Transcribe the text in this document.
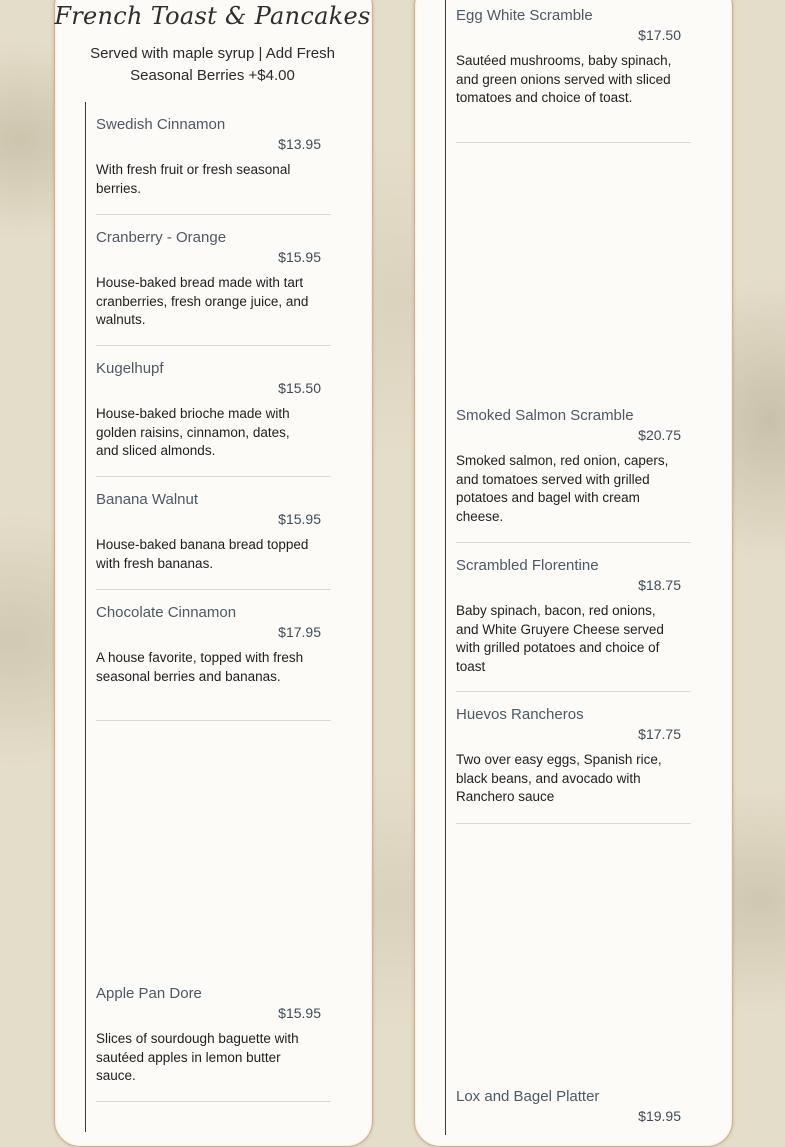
French Toast & Pancakes
Served with maple syrup | Add Fresh Seasonal Berries +$4.00
Swedish Cinnamon
$13.95
With fresh fruit or fresh seasonal berries.
Cranberry - Orange
$15.95
House-baked bread made with tart cranberries, fresh orange juice, and walnuts.
Kugelhupf
$15.50
House-baked brioche made with golden raisins, cinnamon, dates, and sliced almonds.
Banana Walnut
$15.95
House-baked banana bread topped with fresh bananas.
Chocolate Cinnamon
$17.95
A house favorite, topped with fresh seasonal berries and bananas.
Apple Pan Dore
$15.95
Slices of sourdough baguette with sautéed apples in lemon butter sauce.
Egg White Scramble
$17.50
Sautéed mushrooms, baby spinach, and green onions served with sliced tomatoes and choice of toast.
Smoked Salmon Scramble
$20.75
Smoked salmon, red onion, capers, and tomatoes served with grilled potatoes and bagel with cream cheese.
Scrambled Florentine
$18.75
Baby spinach, bacon, red onions, and White Gruyere Cheese served with grilled potatoes and choice of toast
Huevos Rancheros
$17.75
Two over easy eggs, Spanish rice, black beans, and avocado with Ranchero sauce
Lox and Bagel Platter
$19.95
